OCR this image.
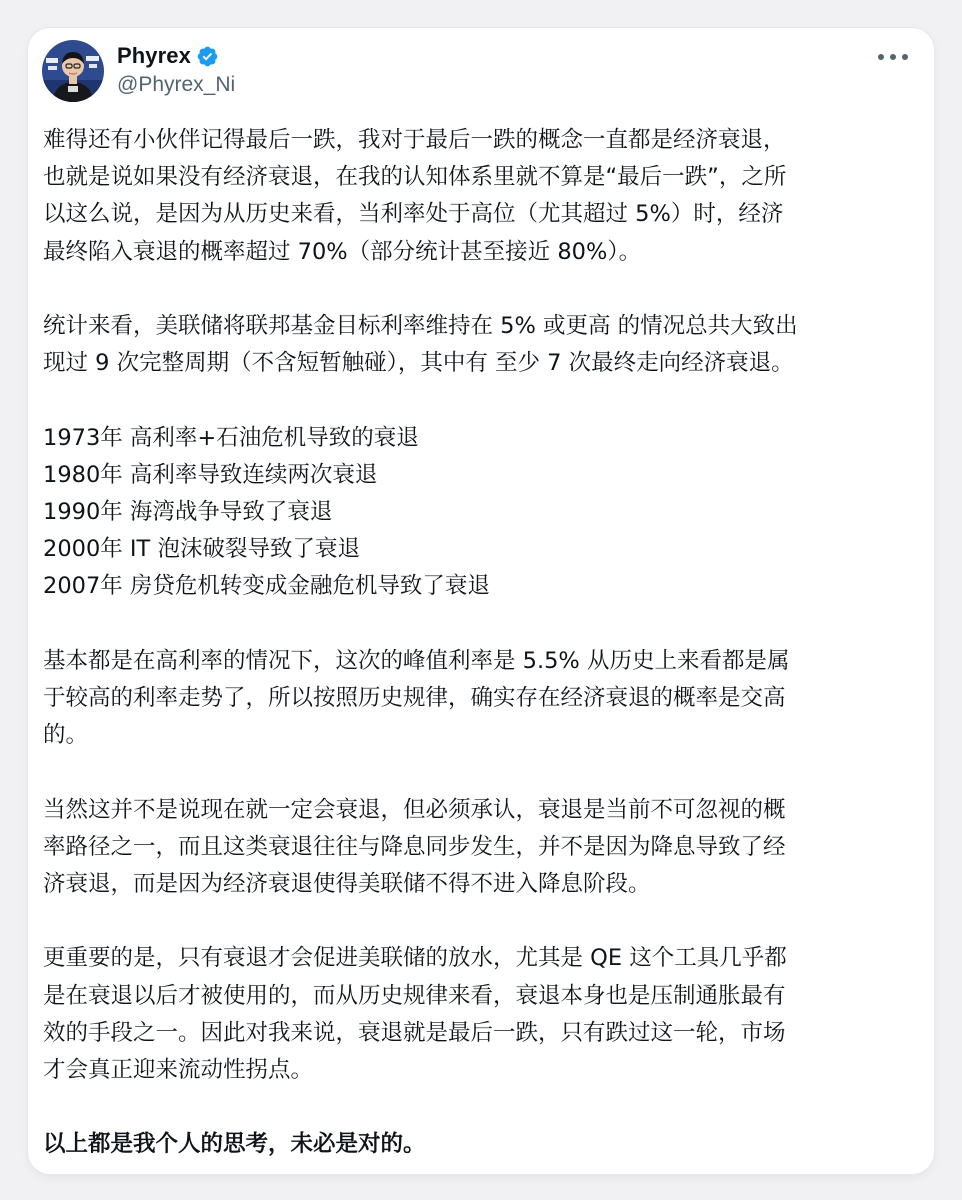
Phyrex
@Phyrex_Ni

难得还有小伙伴记得最后一跌，我对于最后一跌的概念一直都是经济衰退，
也就是说如果没有经济衰退，在我的认知体系里就不算是“最后一跌”，之所
以这么说，是因为从历史来看，当利率处于高位（尤其超过 5%）时，经济
最终陷入衰退的概率超过 70%（部分统计甚至接近 80%）。

统计来看，美联储将联邦基金目标利率维持在 5% 或更高 的情况总共大致出
现过 9 次完整周期（不含短暂触碰），其中有 至少 7 次最终走向经济衰退。

1973年 高利率+石油危机导致的衰退
1980年 高利率导致连续两次衰退
1990年 海湾战争导致了衰退
2000年 IT 泡沫破裂导致了衰退
2007年 房贷危机转变成金融危机导致了衰退

基本都是在高利率的情况下，这次的峰值利率是 5.5% 从历史上来看都是属
于较高的利率走势了，所以按照历史规律，确实存在经济衰退的概率是交高
的。

当然这并不是说现在就一定会衰退，但必须承认，衰退是当前不可忽视的概
率路径之一，而且这类衰退往往与降息同步发生，并不是因为降息导致了经
济衰退，而是因为经济衰退使得美联储不得不进入降息阶段。

更重要的是，只有衰退才会促进美联储的放水，尤其是 QE 这个工具几乎都
是在衰退以后才被使用的，而从历史规律来看，衰退本身也是压制通胀最有
效的手段之一。因此对我来说，衰退就是最后一跌，只有跌过这一轮，市场
才会真正迎来流动性拐点。

以上都是我个人的思考，未必是对的。
